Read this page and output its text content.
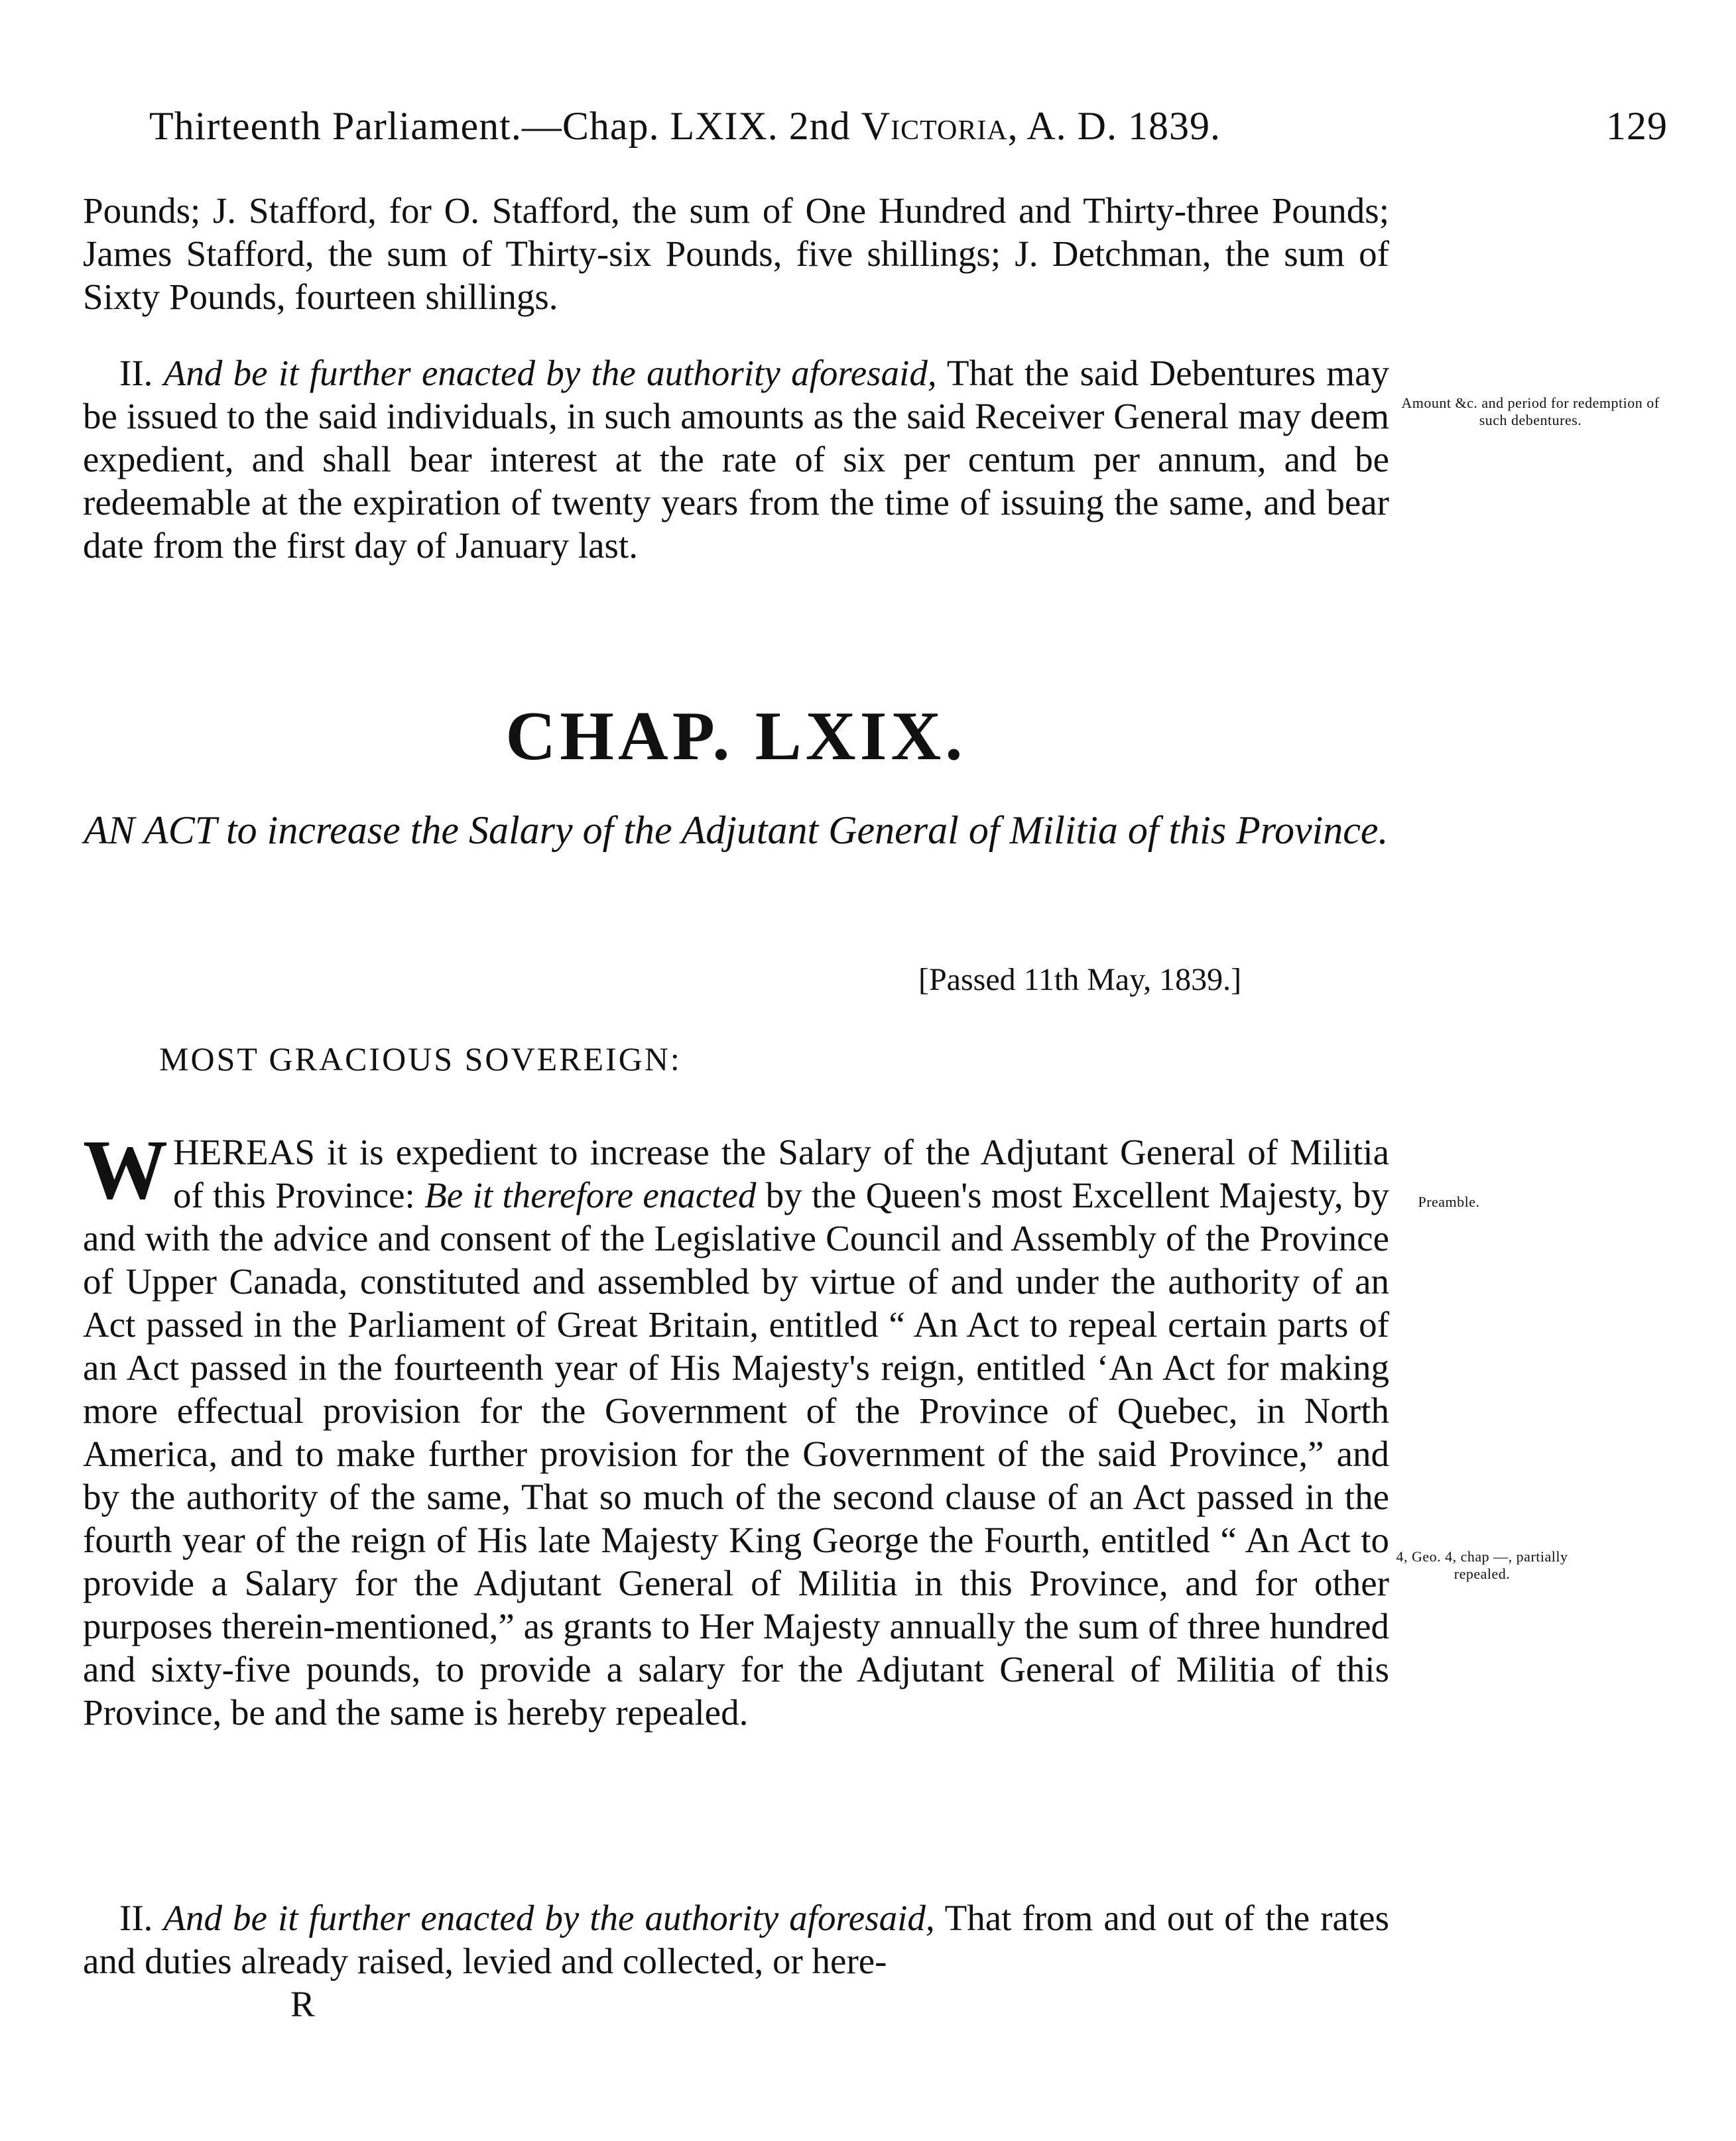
Thirteenth Parliament.—Chap. LXIX. 2nd Victoria, A. D. 1839.	129

Pounds; J. Stafford, for O. Stafford, the sum of One Hundred and Thirty-three Pounds; James Stafford, the sum of Thirty-six Pounds, five shillings; J. Detchman, the sum of Sixty Pounds, fourteen shillings.

II. And be it further enacted by the authority aforesaid, That the said Debentures may be issued to the said individuals, in such amounts as the said Receiver General may deem expedient, and shall bear interest at the rate of six per centum per annum, and be redeemable at the expiration of twenty years from the time of issuing the same, and bear date from the first day of January last.

Amount &c. and period for redemption of such debentures.
CHAP. LXIX.
AN ACT to increase the Salary of the Adjutant General of Militia of this Province.
[Passed 11th May, 1839.]
MOST GRACIOUS SOVEREIGN:

WHEREAS it is expedient to increase the Salary of the Adjutant General of Militia of this Province: Be it therefore enacted by the Queen's most Excellent Majesty, by and with the advice and consent of the Legislative Council and Assembly of the Province of Upper Canada, constituted and assembled by virtue of and under the authority of an Act passed in the Parliament of Great Britain, entitled “ An Act to repeal certain parts of an Act passed in the fourteenth year of His Majesty's reign, entitled ‘An Act for making more effectual provision for the Government of the Province of Quebec, in North America, and to make further provision for the Government of the said Province,” and by the authority of the same, That so much of the second clause of an Act passed in the fourth year of the reign of His late Majesty King George the Fourth, entitled “ An Act to provide a Salary for the Adjutant General of Militia in this Province, and for other purposes therein-mentioned,” as grants to Her Majesty annually the sum of three hundred and sixty-five pounds, to provide a salary for the Adjutant General of Militia of this Province, be and the same is hereby repealed.

Preamble.
4, Geo. 4, chap —, partially repealed.

II. And be it further enacted by the authority aforesaid, That from and out of the rates and duties already raised, levied and collected, or here-

R
